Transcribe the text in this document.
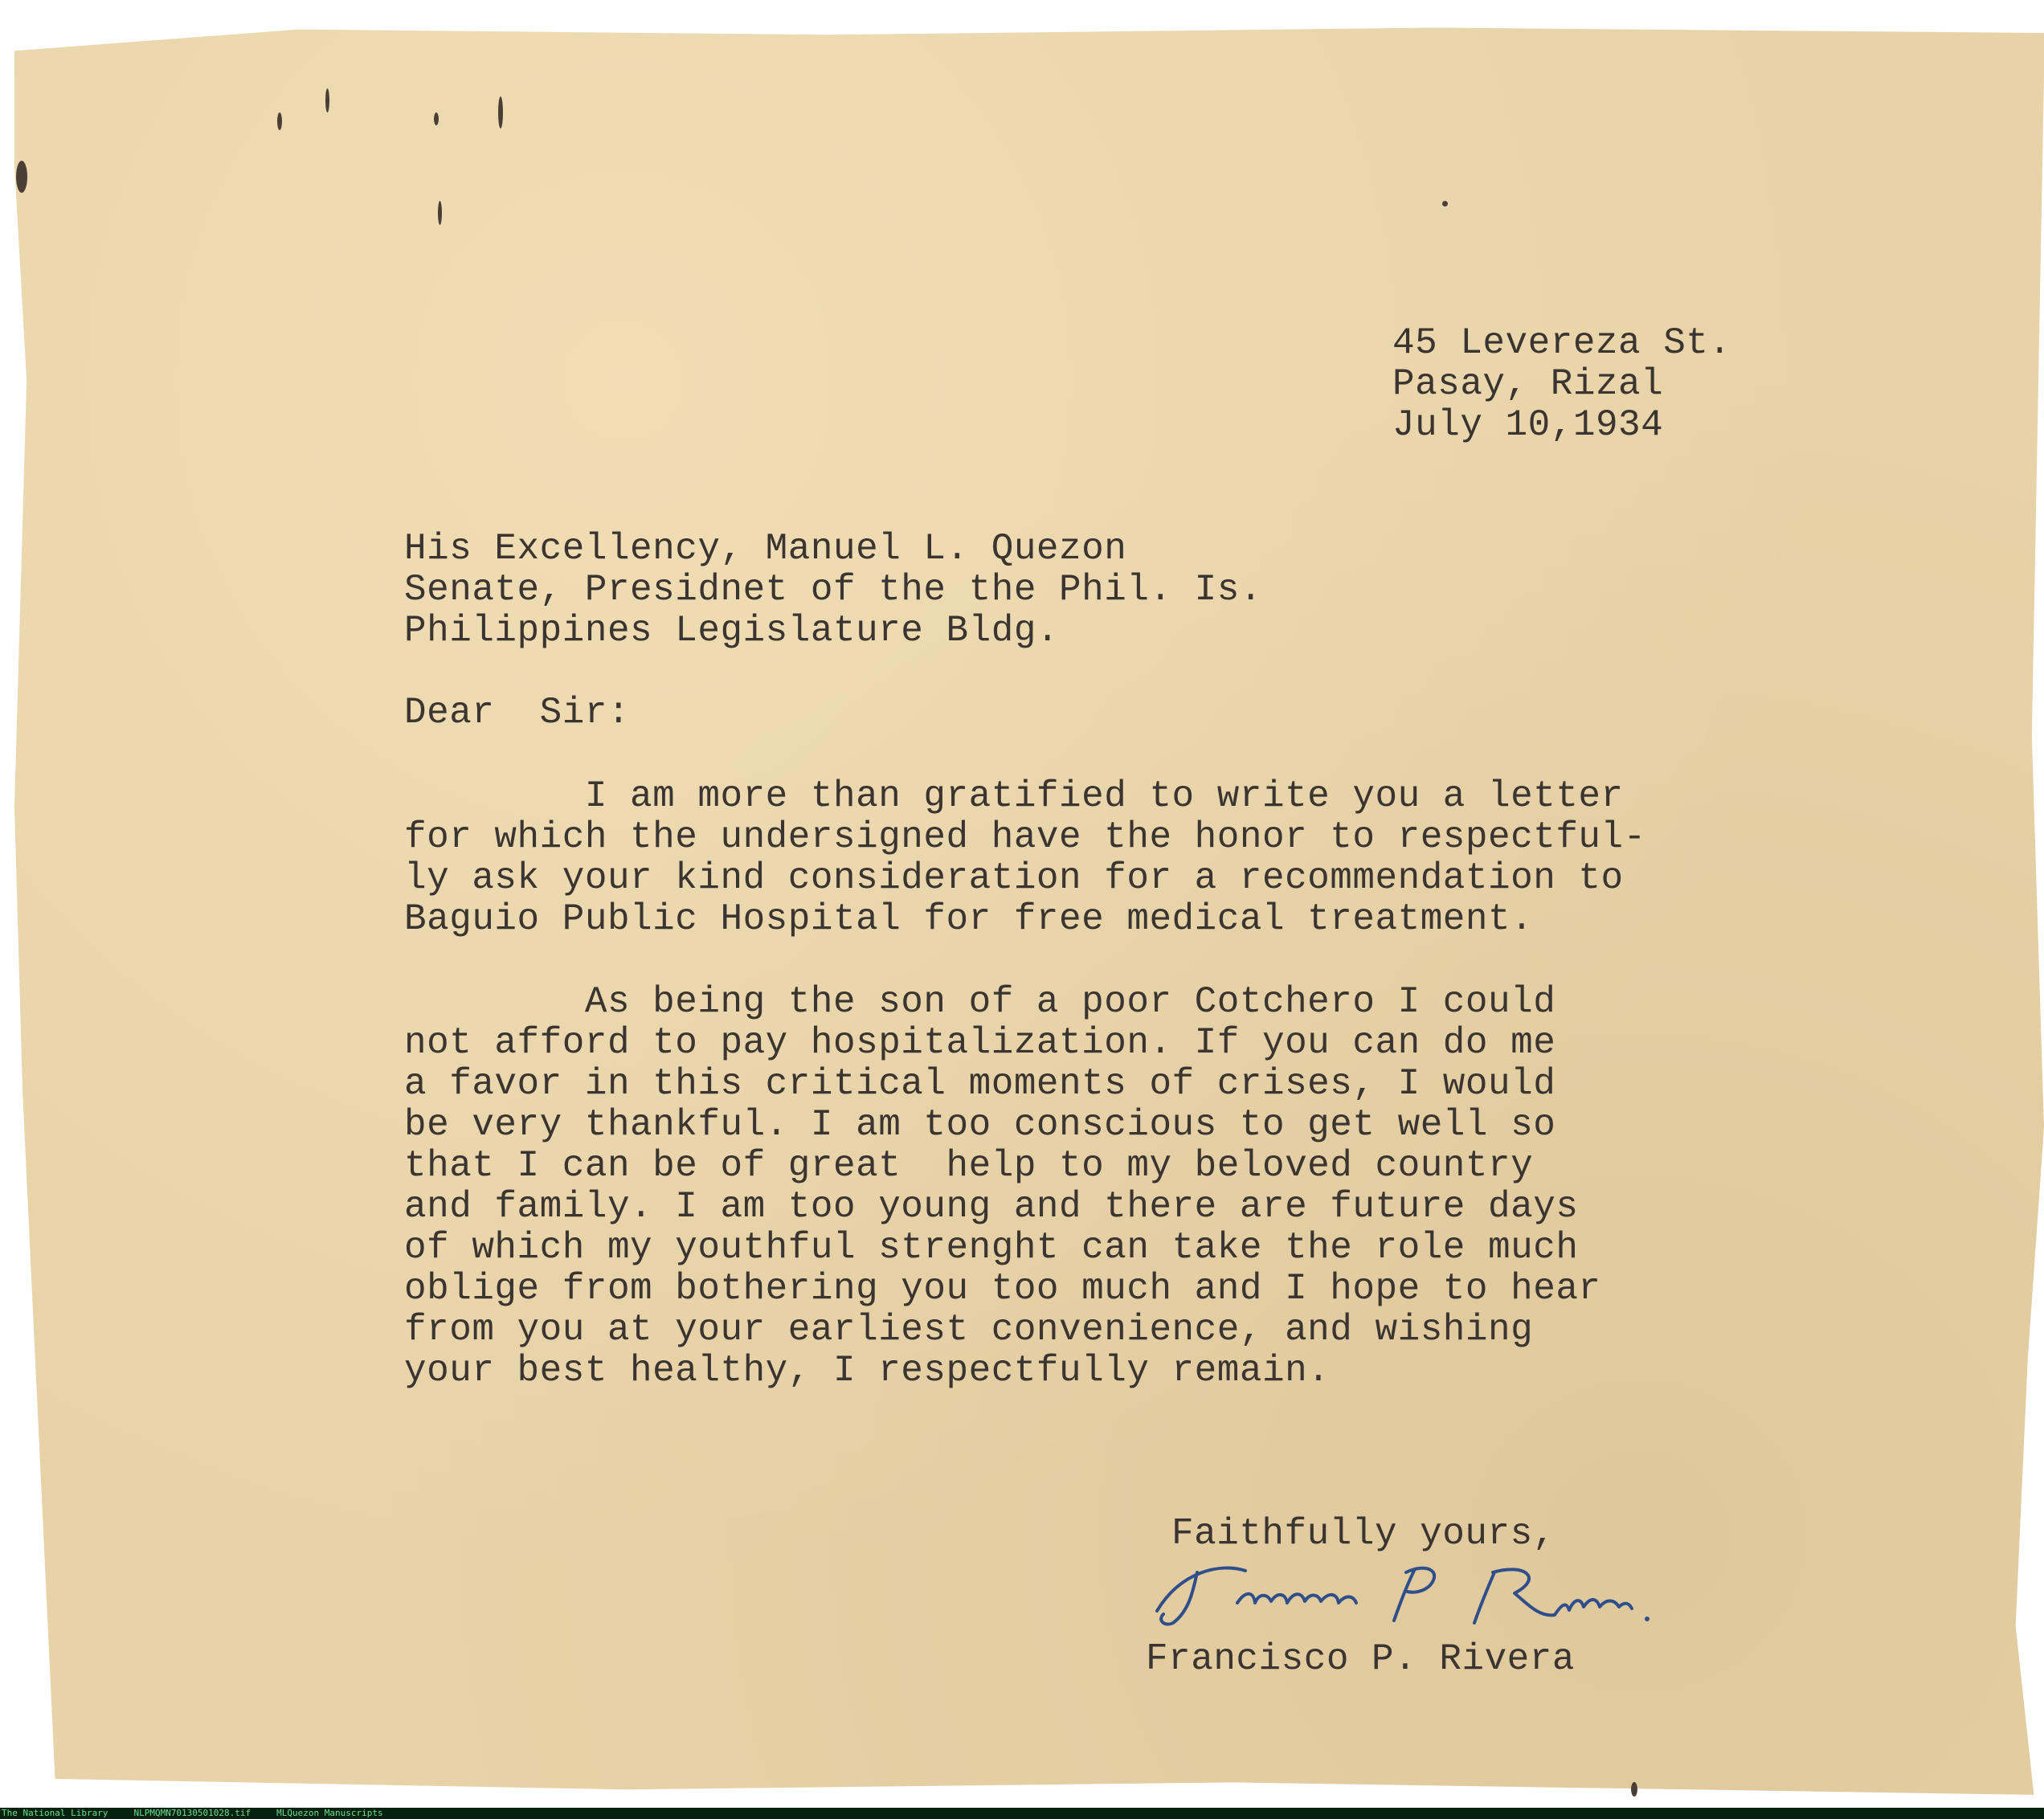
45 Levereza St.
Pasay, Rizal
July 10,1934
His Excellency, Manuel L. Quezon
Senate, Presidnet of the the Phil. Is.
Philippines Legislature Bldg.
Dear  Sir:
I am more than gratified to write you a letter
for which the undersigned have the honor to respectful-
ly ask your kind consideration for a recommendation to
Baguio Public Hospital for free medical treatment.
As being the son of a poor Cotchero I could
not afford to pay hospitalization. If you can do me
a favor in this critical moments of crises, I would
be very thankful. I am too conscious to get well so
that I can be of great  help to my beloved country
and family. I am too young and there are future days
of which my youthful strenght can take the role much
oblige from bothering you too much and I hope to hear
from you at your earliest convenience, and wishing
your best healthy, I respectfully remain.
Faithfully yours,
Francisco P. Rivera
Francisco P. Rivera
The National Library	NLPMQMN70130501028.tif	MLQuezon Manuscripts
